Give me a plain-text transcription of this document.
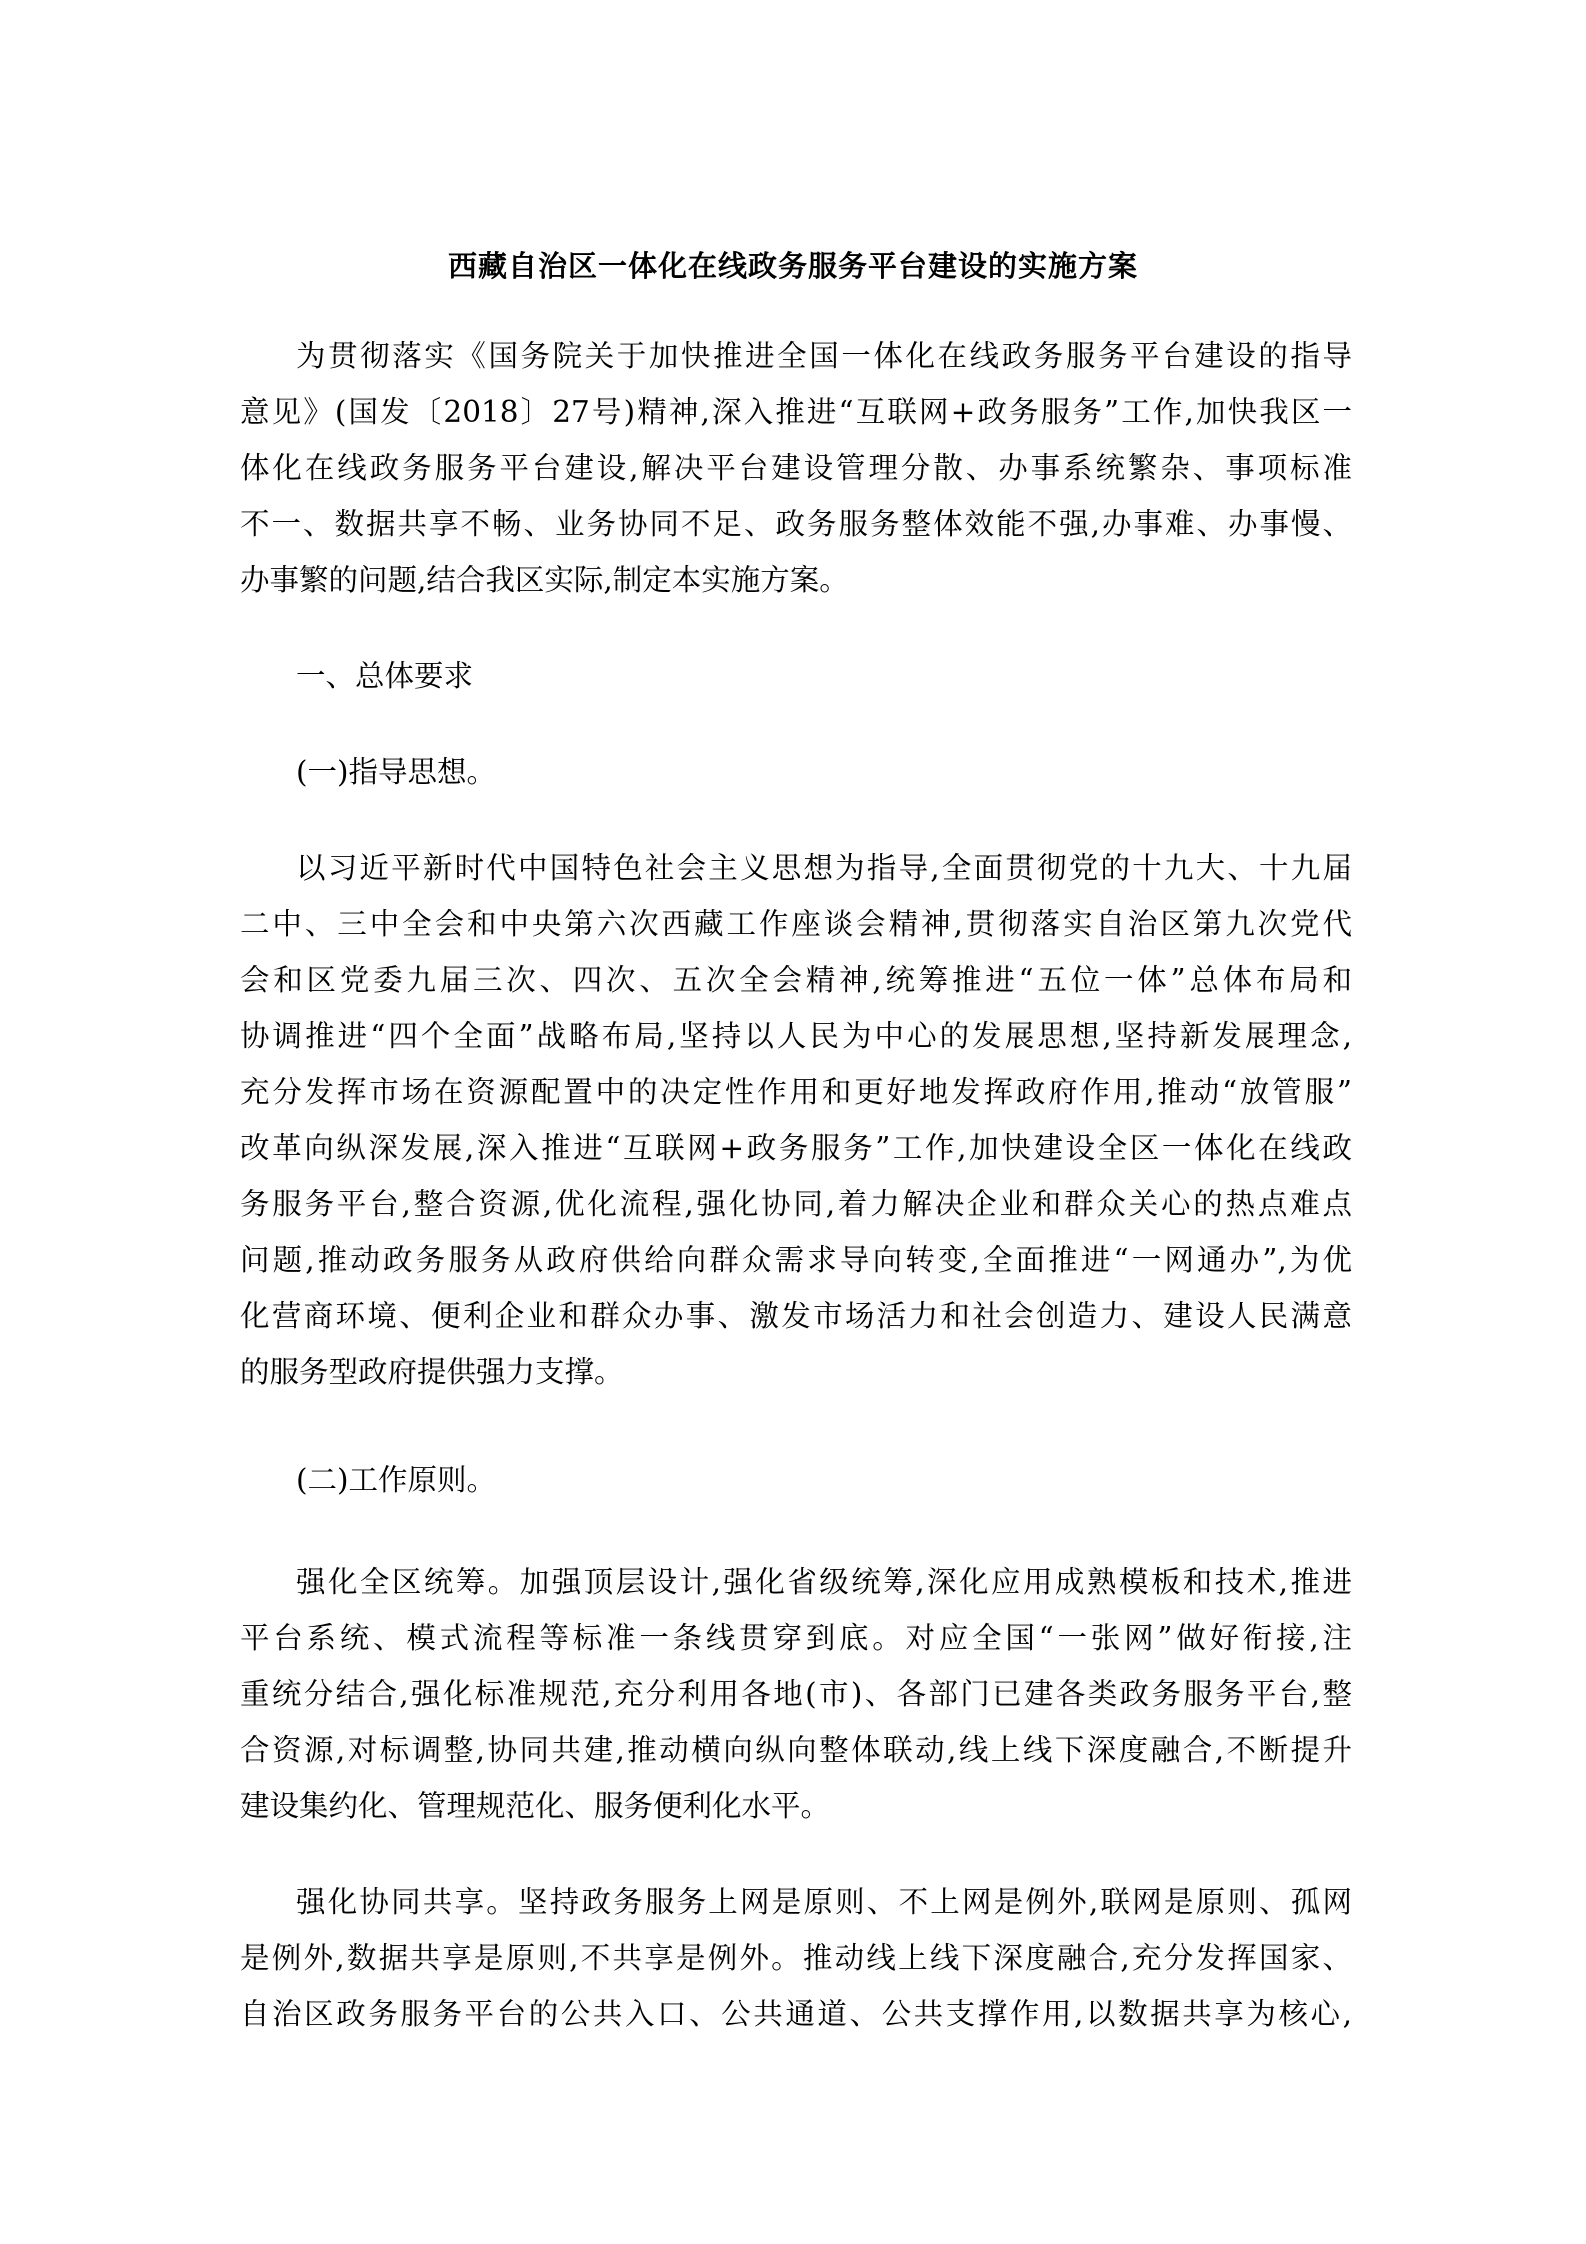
西藏自治区一体化在线政务服务平台建设的实施方案
为贯彻落实《国务院关于加快推进全国一体化在线政务服务平台建设的指导
意见》(国发〔2018〕27号)精神,深入推进“互联网+政务服务”工作,加快我区一
体化在线政务服务平台建设,解决平台建设管理分散、办事系统繁杂、事项标准
不一、数据共享不畅、业务协同不足、政务服务整体效能不强,办事难、办事慢、
办事繁的问题,结合我区实际,制定本实施方案。
一、总体要求
(一)指导思想。
以习近平新时代中国特色社会主义思想为指导,全面贯彻党的十九大、十九届
二中、三中全会和中央第六次西藏工作座谈会精神,贯彻落实自治区第九次党代
会和区党委九届三次、四次、五次全会精神,统筹推进“五位一体”总体布局和
协调推进“四个全面”战略布局,坚持以人民为中心的发展思想,坚持新发展理念,
充分发挥市场在资源配置中的决定性作用和更好地发挥政府作用,推动“放管服”
改革向纵深发展,深入推进“互联网+政务服务”工作,加快建设全区一体化在线政
务服务平台,整合资源,优化流程,强化协同,着力解决企业和群众关心的热点难点
问题,推动政务服务从政府供给向群众需求导向转变,全面推进“一网通办”,为优
化营商环境、便利企业和群众办事、激发市场活力和社会创造力、建设人民满意
的服务型政府提供强力支撑。
(二)工作原则。
强化全区统筹。加强顶层设计,强化省级统筹,深化应用成熟模板和技术,推进
平台系统、模式流程等标准一条线贯穿到底。对应全国“一张网”做好衔接,注
重统分结合,强化标准规范,充分利用各地(市)、各部门已建各类政务服务平台,整
合资源,对标调整,协同共建,推动横向纵向整体联动,线上线下深度融合,不断提升
建设集约化、管理规范化、服务便利化水平。
强化协同共享。坚持政务服务上网是原则、不上网是例外,联网是原则、孤网
是例外,数据共享是原则,不共享是例外。推动线上线下深度融合,充分发挥国家、
自治区政务服务平台的公共入口、公共通道、公共支撑作用,以数据共享为核心,
